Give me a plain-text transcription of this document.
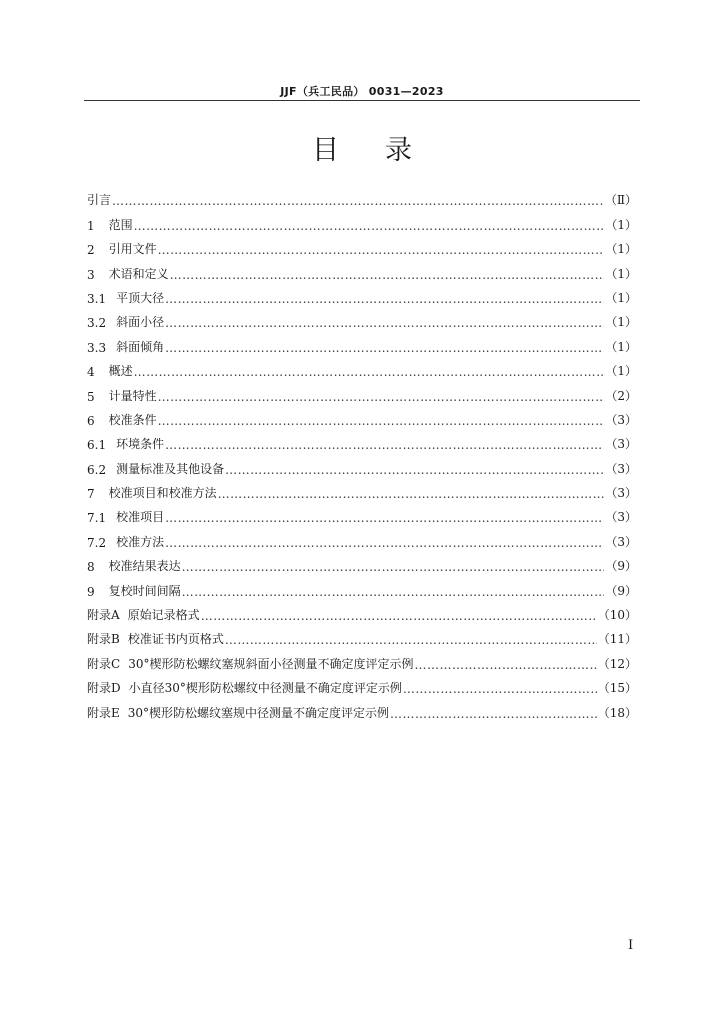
JJF（兵工民品） 0031—2023
目录
引言 …………………………………………………………………………………………………………………………………………	（Ⅱ）
1 范围 …………………………………………………………………………………………………………………………………………	（1）
2 引用文件 …………………………………………………………………………………………………………………………………………	（1）
3 术语和定义 …………………………………………………………………………………………………………………………………………	（1）
3.1 平顶大径 …………………………………………………………………………………………………………………………………………	（1）
3.2 斜面小径 …………………………………………………………………………………………………………………………………………	（1）
3.3 斜面倾角 …………………………………………………………………………………………………………………………………………	（1）
4 概述 …………………………………………………………………………………………………………………………………………	（1）
5 计量特性 …………………………………………………………………………………………………………………………………………	（2）
6 校准条件 …………………………………………………………………………………………………………………………………………	（3）
6.1 环境条件 …………………………………………………………………………………………………………………………………………	（3）
6.2 测量标准及其他设备 …………………………………………………………………………………………………………………………………………	（3）
7 校准项目和校准方法 …………………………………………………………………………………………………………………………………………	（3）
7.1 校准项目 …………………………………………………………………………………………………………………………………………	（3）
7.2 校准方法 …………………………………………………………………………………………………………………………………………	（3）
8 校准结果表达 …………………………………………………………………………………………………………………………………………	（9）
9 复校时间间隔 …………………………………………………………………………………………………………………………………………	（9）
附录A 原始记录格式 …………………………………………………………………………………………………………………………………………	（10）
附录B 校准证书内页格式 …………………………………………………………………………………………………………………………………………	（11）
附录C 30°楔形防松螺纹塞规斜面小径测量不确定度评定示例 …………………………………………………………………………………………………………………………………………	（12）
附录D 小直径30°楔形防松螺纹中径测量不确定度评定示例 …………………………………………………………………………………………………………………………………………	（15）
附录E 30°楔形防松螺纹塞规中径测量不确定度评定示例 …………………………………………………………………………………………………………………………………………	（18）
I
